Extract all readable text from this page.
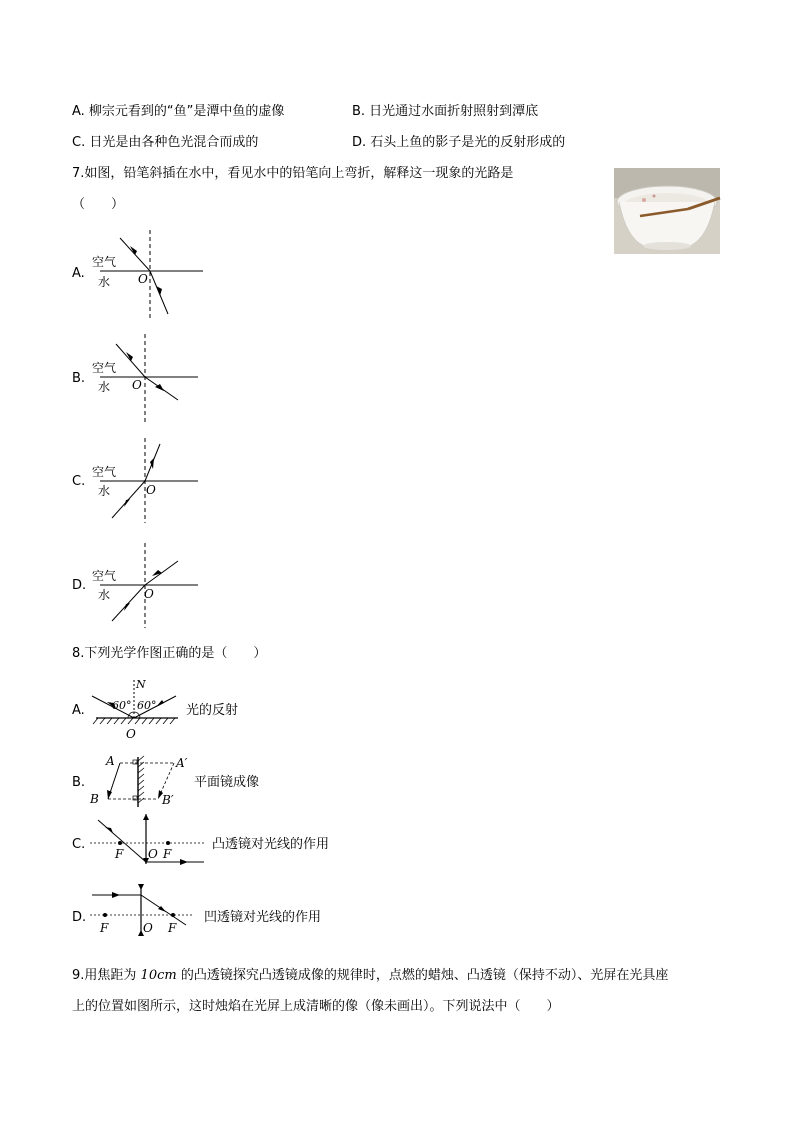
A. 柳宗元看到的“鱼”是潭中鱼的虚像	B. 日光通过水面折射照射到潭底
C. 日光是由各种色光混合而成的	D. 石头上鱼的影子是光的反射形成的
7.如图，铅笔斜插在水中，看见水中的铅笔向上弯折，解释这一现象的光路是
（　　）
A.
空气
水 O
B.
空气
水 O
C.
空气
水	O
D.
空气
水	O
8.下列光学作图正确的是（　　）
A.
N
60° 60°
O
光的反射
B.
A	A′
B	B′
平面镜成像
C.
F O F
凸透镜对光线的作用
D.
F	O F
凹透镜对光线的作用
9.用焦距为 10cm 的凸透镜探究凸透镜成像的规律时，点燃的蜡烛、凸透镜（保持不动）、光屏在光具座
上的位置如图所示，这时烛焰在光屏上成清晰的像（像未画出）。下列说法中（　　）
